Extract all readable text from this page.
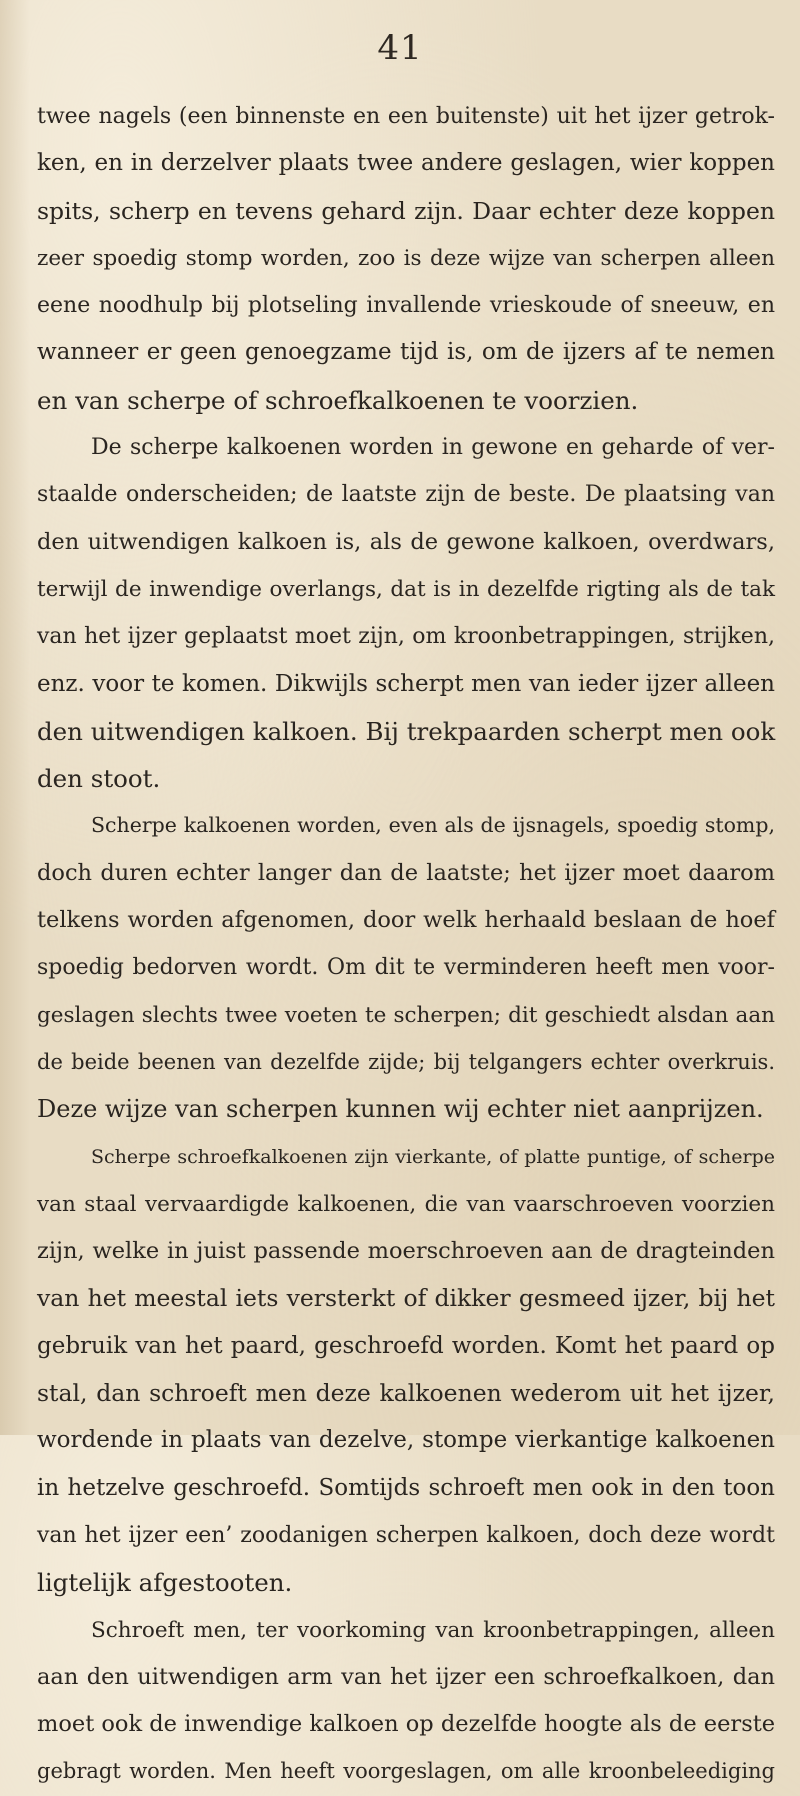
41
twee nagels (een binnenste en een buitenste) uit het ijzer getrok-
ken, en in derzelver plaats twee andere geslagen, wier koppen
spits, scherp en tevens gehard zijn. Daar echter deze koppen
zeer spoedig stomp worden, zoo is deze wijze van scherpen alleen
eene noodhulp bij plotseling invallende vrieskoude of sneeuw, en
wanneer er geen genoegzame tijd is, om de ijzers af te nemen
en van scherpe of schroefkalkoenen te voorzien.
De scherpe kalkoenen worden in gewone en geharde of ver-
staalde onderscheiden; de laatste zijn de beste. De plaatsing van
den uitwendigen kalkoen is, als de gewone kalkoen, overdwars,
terwijl de inwendige overlangs, dat is in dezelfde rigting als de tak
van het ijzer geplaatst moet zijn, om kroonbetrappingen, strijken,
enz. voor te komen. Dikwijls scherpt men van ieder ijzer alleen
den uitwendigen kalkoen. Bij trekpaarden scherpt men ook
den stoot.
Scherpe kalkoenen worden, even als de ijsnagels, spoedig stomp,
doch duren echter langer dan de laatste; het ijzer moet daarom
telkens worden afgenomen, door welk herhaald beslaan de hoef
spoedig bedorven wordt. Om dit te verminderen heeft men voor-
geslagen slechts twee voeten te scherpen; dit geschiedt alsdan aan
de beide beenen van dezelfde zijde; bij telgangers echter overkruis.
Deze wijze van scherpen kunnen wij echter niet aanprijzen.
Scherpe schroefkalkoenen zijn vierkante, of platte puntige, of scherpe
van staal vervaardigde kalkoenen, die van vaarschroeven voorzien
zijn, welke in juist passende moerschroeven aan de dragteinden
van het meestal iets versterkt of dikker gesmeed ijzer, bij het
gebruik van het paard, geschroefd worden. Komt het paard op
stal, dan schroeft men deze kalkoenen wederom uit het ijzer,
wordende in plaats van dezelve, stompe vierkantige kalkoenen
in hetzelve geschroefd. Somtijds schroeft men ook in den toon
van het ijzer een’ zoodanigen scherpen kalkoen, doch deze wordt
ligtelijk afgestooten.
Schroeft men, ter voorkoming van kroonbetrappingen, alleen
aan den uitwendigen arm van het ijzer een schroefkalkoen, dan
moet ook de inwendige kalkoen op dezelfde hoogte als de eerste
gebragt worden. Men heeft voorgeslagen, om alle kroonbeleediging
